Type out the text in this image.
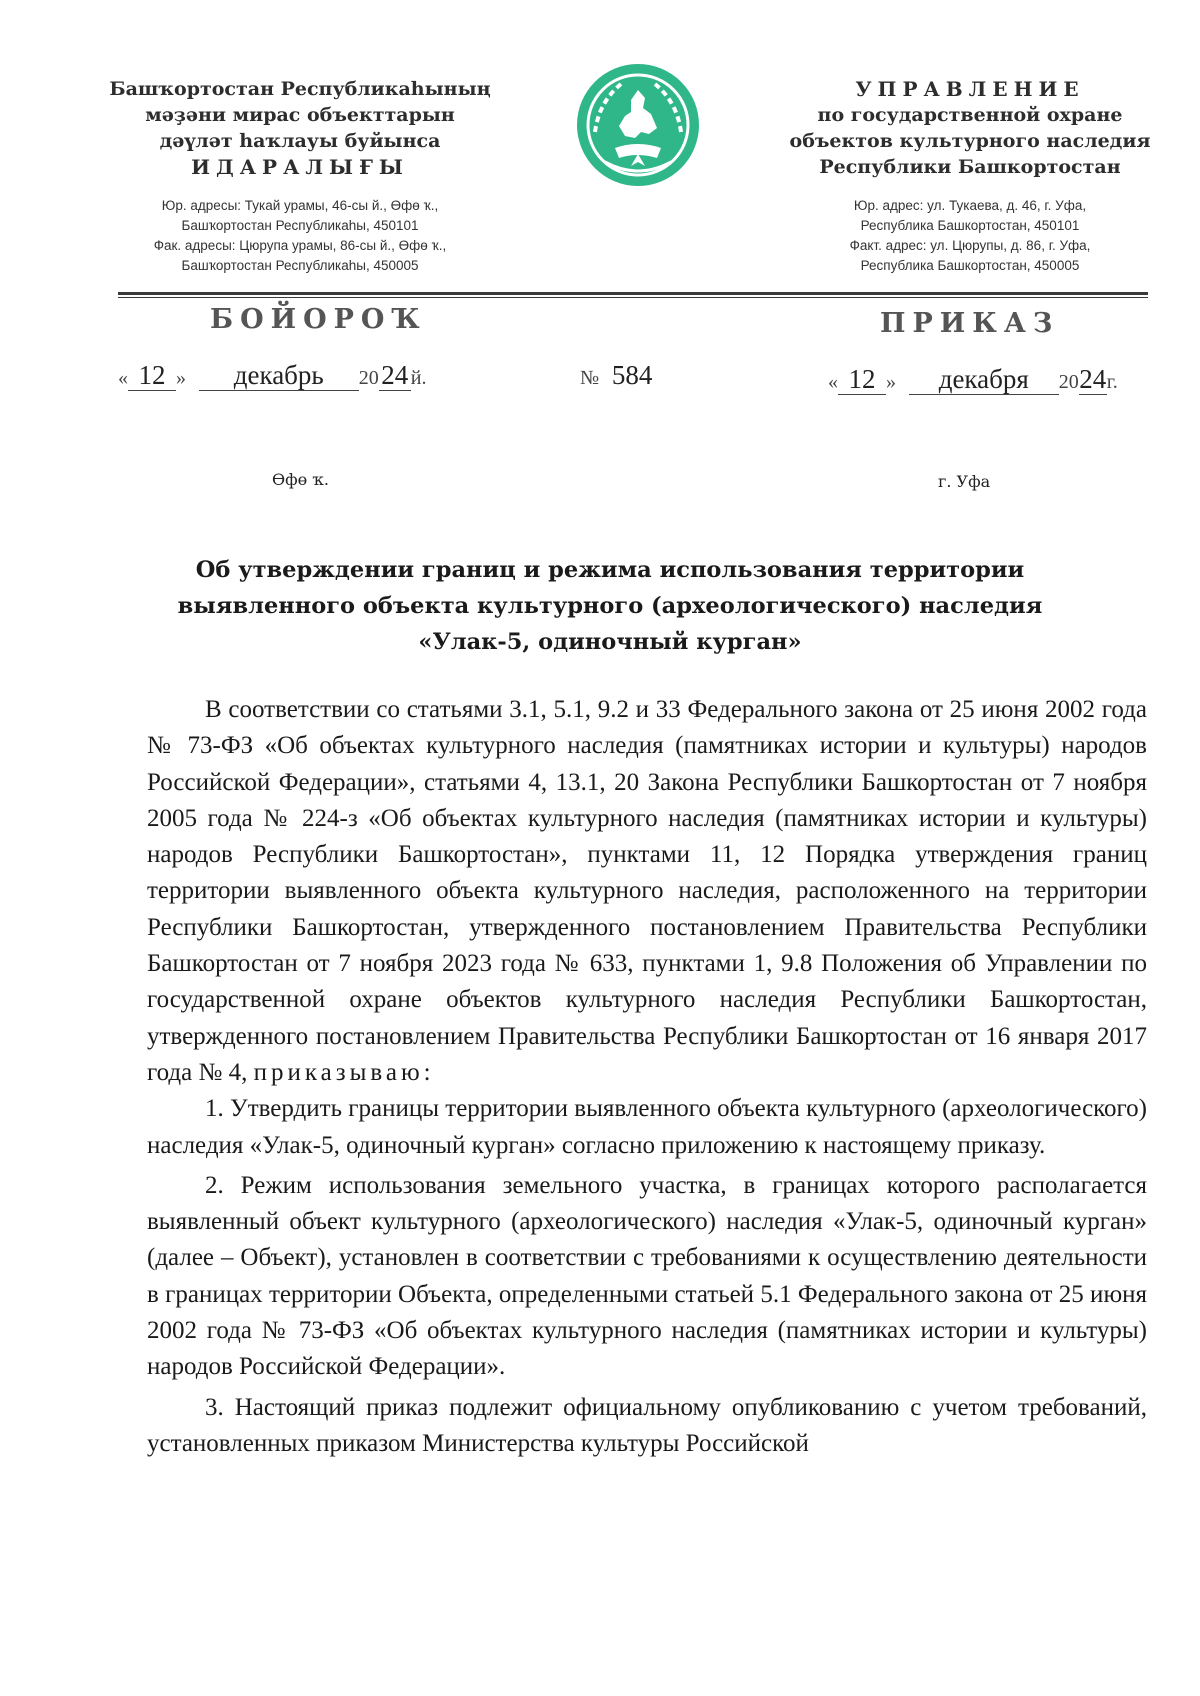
Башҡортостан Республикаһының
мәҙәни мирас объекттарын
дәүләт һаҡлауы буйынса
ИДАРАЛЫҒЫ
Юр. адресы: Тукай урамы, 46-сы й., Өфө ҡ.,
Башҡортостан Республикаһы, 450101
Фак. адресы: Цюрупа урамы, 86-сы й., Өфө ҡ.,
Башҡортостан Республикаһы, 450005
УПРАВЛЕНИЕ
по государственной охране
объектов культурного наследия
Республики Башкортостан
Юр. адрес: ул. Тукаева, д. 46, г. Уфа,
Республика Башкортостан, 450101
Факт. адрес: ул. Цюрупы, д. 86, г. Уфа,
Республика Башкортостан, 450005
БОЙОРОҠ	ПРИКАЗ
« 12 » декабрь 2024 й.	№ 584	« 12 » декабря 2024г.
Өфө ҡ.	г. Уфа
Об утверждении границ и режима использования территории
выявленного объекта культурного (археологического) наследия
«Улак-5, одиночный курган»

В соответствии со статьями 3.1, 5.1, 9.2 и 33 Федерального закона от 25 июня 2002 года № 73-ФЗ «Об объектах культурного наследия (памятниках истории и культуры) народов Российской Федерации», статьями 4, 13.1, 20 Закона Республики Башкортостан от 7 ноября 2005 года № 224-з «Об объектах культурного наследия (памятниках истории и культуры) народов Республики Башкортостан», пунктами 11, 12 Порядка утверждения границ территории выявленного объекта культурного наследия, расположенного на территории Республики Башкортостан, утвержденного постановлением Правительства Республики Башкортостан от 7 ноября 2023 года № 633, пунктами 1, 9.8 Положения об Управлении по государственной охране объектов культурного наследия Республики Башкортостан, утвержденного постановлением Правительства Республики Башкортостан от 16 января 2017 года № 4, приказываю:

1. Утвердить границы территории выявленного объекта культурного (археологического) наследия «Улак-5, одиночный курган» согласно приложению к настоящему приказу.

2. Режим использования земельного участка, в границах которого располагается выявленный объект культурного (археологического) наследия «Улак-5, одиночный курган» (далее – Объект), установлен в соответствии с требованиями к осуществлению деятельности в границах территории Объекта, определенными статьей 5.1 Федерального закона от 25 июня 2002 года № 73-ФЗ «Об объектах культурного наследия (памятниках истории и культуры) народов Российской Федерации».

3. Настоящий приказ подлежит официальному опубликованию с учетом требований, установленных приказом Министерства культуры Российской
